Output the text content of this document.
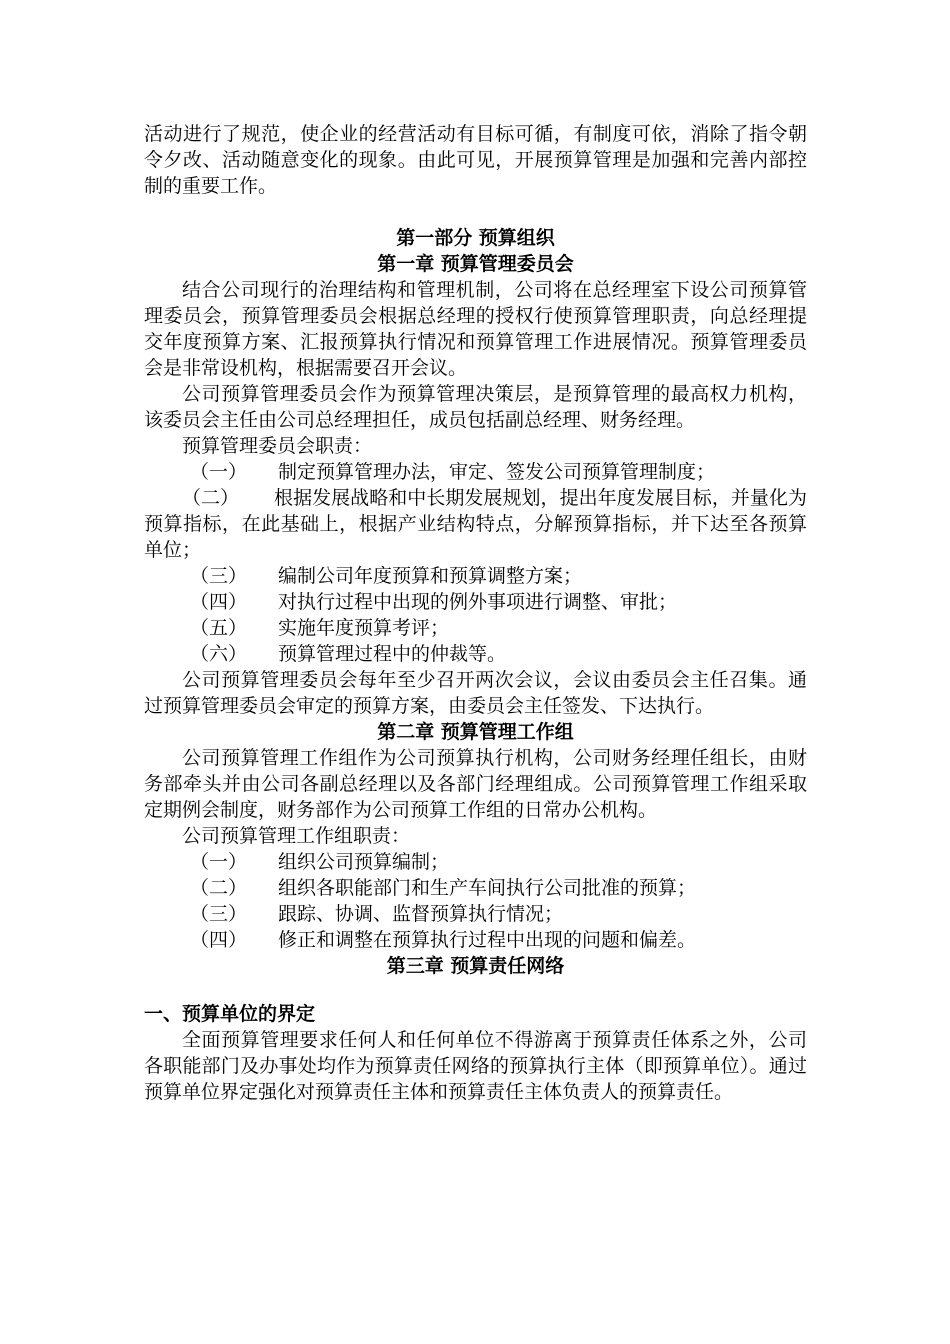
活动进行了规范，使企业的经营活动有目标可循，有制度可依，消除了指令朝令夕改、活动随意变化的现象。由此可见，开展预算管理是加强和完善内部控制的重要工作。

第一部分 预算组织
第一章 预算管理委员会

结合公司现行的治理结构和管理机制，公司将在总经理室下设公司预算管理委员会，预算管理委员会根据总经理的授权行使预算管理职责，向总经理提交年度预算方案、汇报预算执行情况和预算管理工作进展情况。预算管理委员会是非常设机构，根据需要召开会议。

公司预算管理委员会作为预算管理决策层，是预算管理的最高权力机构，该委员会主任由公司总经理担任，成员包括副总经理、财务经理。

预算管理委员会职责：

（一）	制定预算管理办法，审定、签发公司预算管理制度；

（二） 根据发展战略和中长期发展规划，提出年度发展目标，并量化为预算指标，在此基础上，根据产业结构特点，分解预算指标，并下达至各预算单位；

（三）	编制公司年度预算和预算调整方案；
（四）	对执行过程中出现的例外事项进行调整、审批；
（五）	实施年度预算考评；
（六）	预算管理过程中的仲裁等。

公司预算管理委员会每年至少召开两次会议，会议由委员会主任召集。通过预算管理委员会审定的预算方案，由委员会主任签发、下达执行。

第二章 预算管理工作组

公司预算管理工作组作为公司预算执行机构，公司财务经理任组长，由财务部牵头并由公司各副总经理以及各部门经理组成。公司预算管理工作组采取定期例会制度，财务部作为公司预算工作组的日常办公机构。

公司预算管理工作组职责：

（一）	组织公司预算编制；
（二）	组织各职能部门和生产车间执行公司批准的预算；
（三）	跟踪、协调、监督预算执行情况；
（四）	修正和调整在预算执行过程中出现的问题和偏差。
第三章 预算责任网络
一、预算单位的界定

全面预算管理要求任何人和任何单位不得游离于预算责任体系之外，公司各职能部门及办事处均作为预算责任网络的预算执行主体（即预算单位）。通过预算单位界定强化对预算责任主体和预算责任主体负责人的预算责任。
